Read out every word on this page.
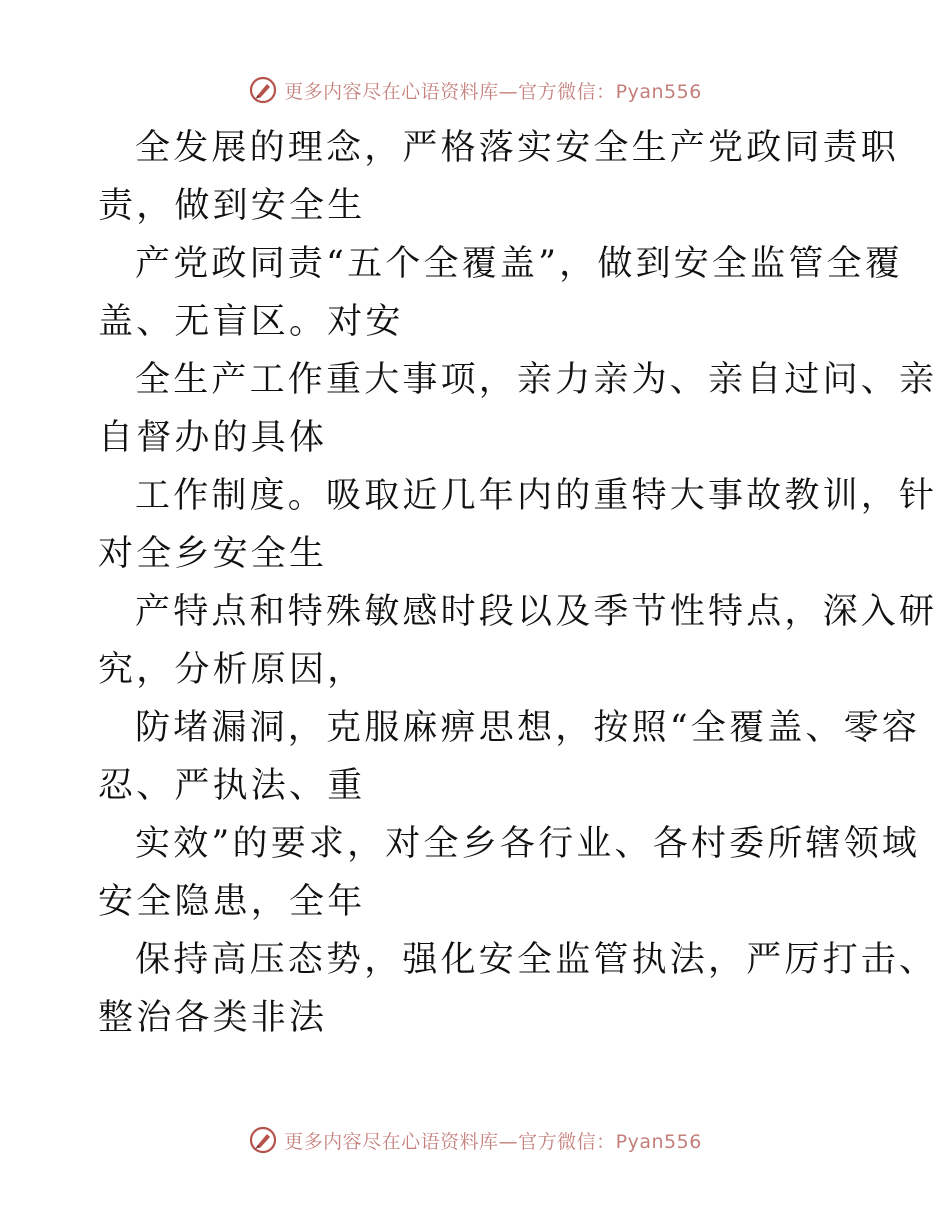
更多内容尽在心语资料库—官方微信：Pyan556
全发展的理念，严格落实安全生产党政同责职
责，做到安全生
产党政同责“五个全覆盖”，做到安全监管全覆
盖、无盲区。对安
全生产工作重大事项，亲力亲为、亲自过问、亲
自督办的具体
工作制度。吸取近几年内的重特大事故教训，针
对全乡安全生
产特点和特殊敏感时段以及季节性特点，深入研
究，分析原因，
防堵漏洞，克服麻痹思想，按照“全覆盖、零容
忍、严执法、重
实效”的要求，对全乡各行业、各村委所辖领域
安全隐患，全年
保持高压态势，强化安全监管执法，严厉打击、
整治各类非法
更多内容尽在心语资料库—官方微信：Pyan556
